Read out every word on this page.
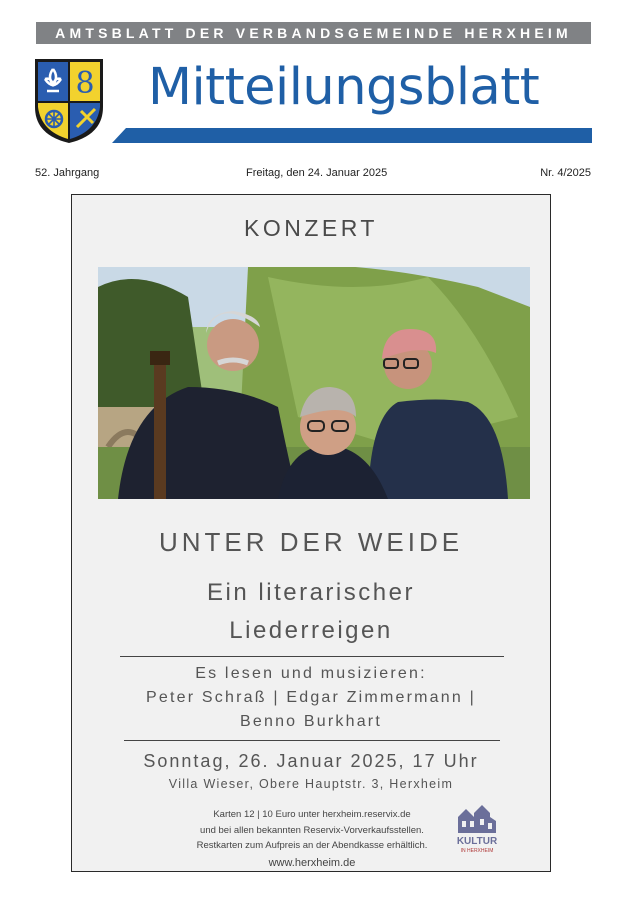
AMTSBLATT DER VERBANDSGEMEINDE HERXHEIM
8 Mitteilungsblatt
52. Jahrgang	Freitag, den 24. Januar 2025	Nr. 4/2025
KONZERT
UNTER DER WEIDE
Ein literarischer
Liederreigen
Es lesen und musizieren:
Peter Schraß | Edgar Zimmermann |
Benno Burkhart
Sonntag, 26. Januar 2025, 17 Uhr
Villa Wieser, Obere Hauptstr. 3, Herxheim
Karten 12 | 10 Euro unter herxheim.reservix.de
und bei allen bekannten Reservix-Vorverkaufsstellen.
Restkarten zum Aufpreis an der Abendkasse erhältlich.
www.herxheim.de
KULTUR
IN HERXHEIM
